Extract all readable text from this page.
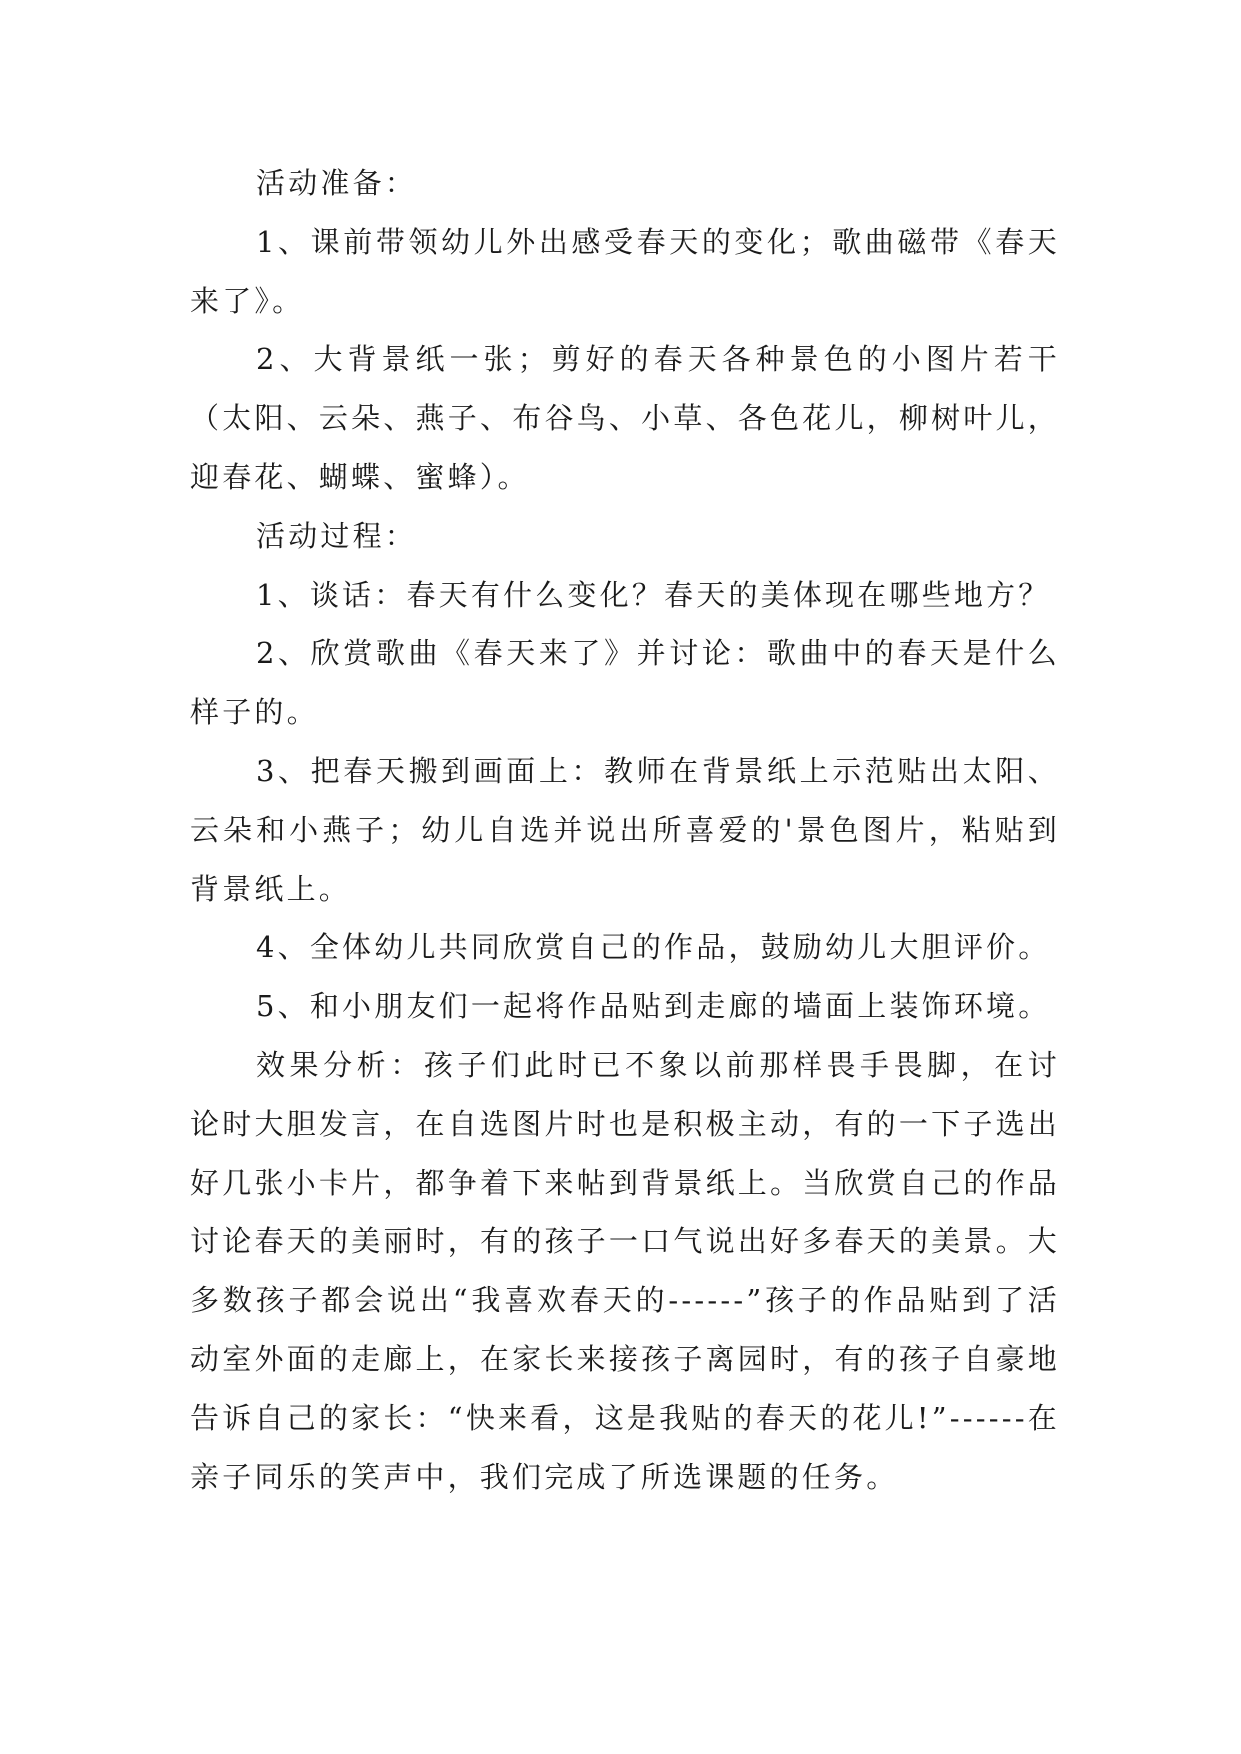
活动准备：

1、课前带领幼儿外出感受春天的变化；歌曲磁带《春天来了》。

2、大背景纸一张；剪好的春天各种景色的小图片若干（太阳、云朵、燕子、布谷鸟、小草、各色花儿，柳树叶儿，迎春花、蝴蝶、蜜蜂）。

活动过程：

1、谈话：春天有什么变化？春天的美体现在哪些地方？

2、欣赏歌曲《春天来了》并讨论：歌曲中的春天是什么样子的。

3、把春天搬到画面上：教师在背景纸上示范贴出太阳、云朵和小燕子；幼儿自选并说出所喜爱的'景色图片，粘贴到背景纸上。

4、全体幼儿共同欣赏自己的作品，鼓励幼儿大胆评价。

5、和小朋友们一起将作品贴到走廊的墙面上装饰环境。

效果分析：孩子们此时已不象以前那样畏手畏脚，在讨论时大胆发言，在自选图片时也是积极主动，有的一下子选出好几张小卡片，都争着下来帖到背景纸上。当欣赏自己的作品讨论春天的美丽时，有的孩子一口气说出好多春天的美景。大多数孩子都会说出“我喜欢春天的------”孩子的作品贴到了活动室外面的走廊上，在家长来接孩子离园时，有的孩子自豪地告诉自己的家长：“快来看，这是我贴的春天的花儿!”------在亲子同乐的笑声中，我们完成了所选课题的任务。
